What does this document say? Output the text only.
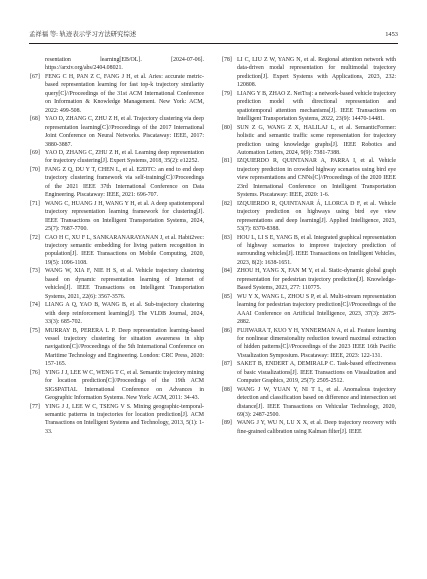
孟祥福 等: 轨迹表示学习方法研究综述	1453
resentation learning[EB/OL]. [2024-07-06]. https://arxiv.org/abs/2404.08021.
[67] FENG C H, PAN Z C, FANG J H, et al. Aries: accurate metric-based representation learning for fast top-k trajectory similarity query[C]//Proceedings of the 31st ACM International Conference on Information & Knowledge Management. New York: ACM, 2022: 499-508.
[68] YAO D, ZHANG C, ZHU Z H, et al. Trajectory clustering via deep representation learning[C]//Proceedings of the 2017 International Joint Conference on Neural Networks. Piscataway: IEEE, 2017: 3880-3887.
[69] YAO D, ZHANG C, ZHU Z H, et al. Learning deep representation for trajectory clustering[J]. Expert Systems, 2018, 35(2): e12252.
[70] FANG Z Q, DU Y T, CHEN L, et al. E2DTC: an end to end deep trajectory clustering framework via self-training[C]//Proceedings of the 2021 IEEE 37th International Conference on Data Engineering. Piscataway: IEEE, 2021: 696-707.
[71] WANG C, HUANG J H, WANG Y H, et al. A deep spatiotemporal trajectory representation learning framework for clustering[J]. IEEE Transactions on Intelligent Transportation Systems, 2024, 25(7): 7687-7700.
[72] CAO H C, XU F L, SANKARANARAYANAN J, et al. Habit2vec: trajectory semantic embedding for living pattern recognition in population[J]. IEEE Transactions on Mobile Computing, 2020, 19(5): 1096-1108.
[73] WANG W, XIA F, NIE H S, et al. Vehicle trajectory clustering based on dynamic representation learning of Internet of vehicles[J]. IEEE Transactions on Intelligent Transportation Systems, 2021, 22(6): 3567-3576.
[74] LIANG A Q, YAO B, WANG B, et al. Sub-trajectory clustering with deep reinforcement learning[J]. The VLDB Journal, 2024, 33(3): 685-702.
[75] MURRAY B, PERERA L P. Deep representation learning-based vessel trajectory clustering for situation awareness in ship navigation[C]//Proceedings of the 5th International Conference on Maritime Technology and Engineering. London: CRC Press, 2020: 157-165.
[76] YING J J, LEE W C, WENG T C, et al. Semantic trajectory mining for location prediction[C]//Proceedings of the 19th ACM SIGSPATIAL International Conference on Advances in Geographic Information Systems. New York: ACM, 2011: 34-43.
[77] YING J J, LEE W C, TSENG V S. Mining geographic-temporal-semantic patterns in trajectories for location prediction[J]. ACM Transactions on Intelligent Systems and Technology, 2013, 5(1): 1-33.
[78] LI C, LIU Z W, YANG N, et al. Regional attention network with data-driven modal representation for multimodal trajectory prediction[J]. Expert Systems with Applications, 2023, 232: 120808.
[79] LIANG Y B, ZHAO Z. NetTraj: a network-based vehicle trajectory prediction model with directional representation and spatiotemporal attention mechanisms[J]. IEEE Transactions on Intelligent Transportation Systems, 2022, 23(9): 14470-14481.
[80] SUN Z G, WANG Z X, HALILAJ L, et al. SemanticFormer: holistic and semantic traffic scene representation for trajectory prediction using knowledge graphs[J]. IEEE Robotics and Automation Letters, 2024, 9(9): 7381-7388.
[81] IZQUIERDO R, QUINTANAR A, PARRA I, et al. Vehicle trajectory prediction in crowded highway scenarios using bird eye view representations and CNNs[C]//Proceedings of the 2020 IEEE 23rd International Conference on Intelligent Transportation Systems. Piscataway: IEEE, 2020: 1-6.
[82] IZQUIERDO R, QUINTANAR Á, LLORCA D F, et al. Vehicle trajectory prediction on highways using bird eye view representations and deep learning[J]. Applied Intelligence, 2023, 53(7): 8370-8388.
[83] HOU L, LI S E, YANG B, et al. Integrated graphical representation of highway scenarios to improve trajectory prediction of surrounding vehicles[J]. IEEE Transactions on Intelligent Vehicles, 2023, 8(2): 1638-1651.
[84] ZHOU H, YANG X, FAN M Y, et al. Static-dynamic global graph representation for pedestrian trajectory prediction[J]. Knowledge-Based Systems, 2023, 277: 110775.
[85] WU Y X, WANG L, ZHOU S P, et al. Multi-stream representation learning for pedestrian trajectory prediction[C]//Proceedings of the AAAI Conference on Artificial Intelligence, 2023, 37(3): 2875-2882.
[86] FUJIWARA T, KUO Y H, YNNERMAN A, et al. Feature learning for nonlinear dimensionality reduction toward maximal extraction of hidden patterns[C]//Proceedings of the 2023 IEEE 16th Pacific Visualization Symposium. Piscataway: IEEE, 2023: 122-131.
[87] SAKET B, ENDERT A, DEMIRALP C. Task-based effectiveness of basic visualizations[J]. IEEE Transactions on Visualization and Computer Graphics, 2019, 25(7): 2505-2512.
[88] WANG J W, YUAN Y, NI T L, et al. Anomalous trajectory detection and classification based on difference and intersection set distance[J]. IEEE Transactions on Vehicular Technology, 2020, 69(3): 2487-2500.
[89] WANG J Y, WU N, LU X X, et al. Deep trajectory recovery with fine-grained calibration using Kalman filter[J]. IEEE
